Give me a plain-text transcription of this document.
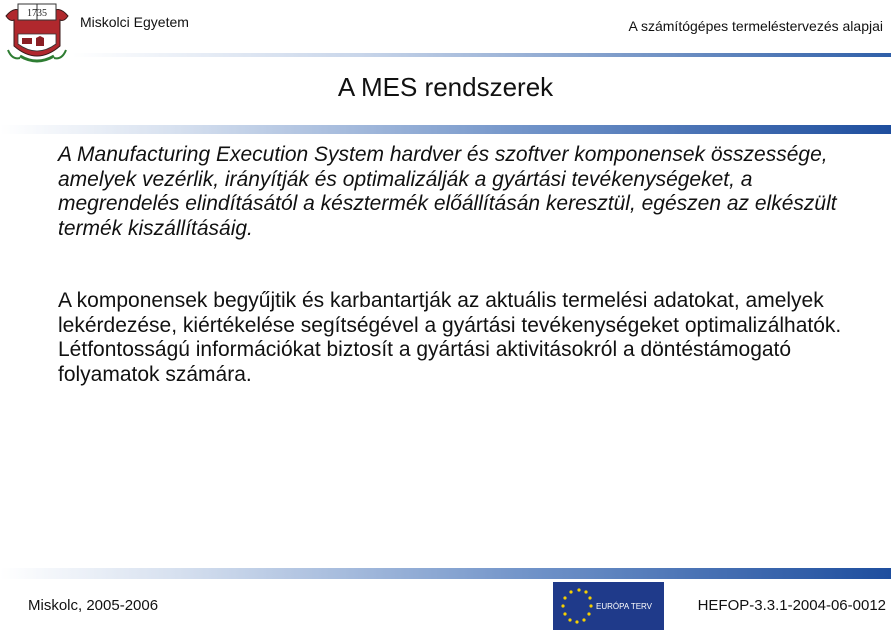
1735
Miskolci Egyetem	A számítógépes termeléstervezés alapjai
A MES rendszerek
A Manufacturing Execution System hardver és szoftver komponensek összessége, amelyek vezérlik, irányítják és optimalizálják a gyártási tevékenységeket, a megrendelés elindításától a késztermék előállításán keresztül, egészen az elkészült termék kiszállításáig.
A komponensek begyűjtik és karbantartják az aktuális termelési adatokat, amelyek lekérdezése, kiértékelése segítségével a gyártási tevékenységeket optimalizálhatók. Létfontosságú információkat biztosít a gyártási aktivitásokról a döntéstámogató folyamatok számára.
Miskolc, 2005-2006	EURÓPA TERV	HEFOP-3.3.1-2004-06-0012
